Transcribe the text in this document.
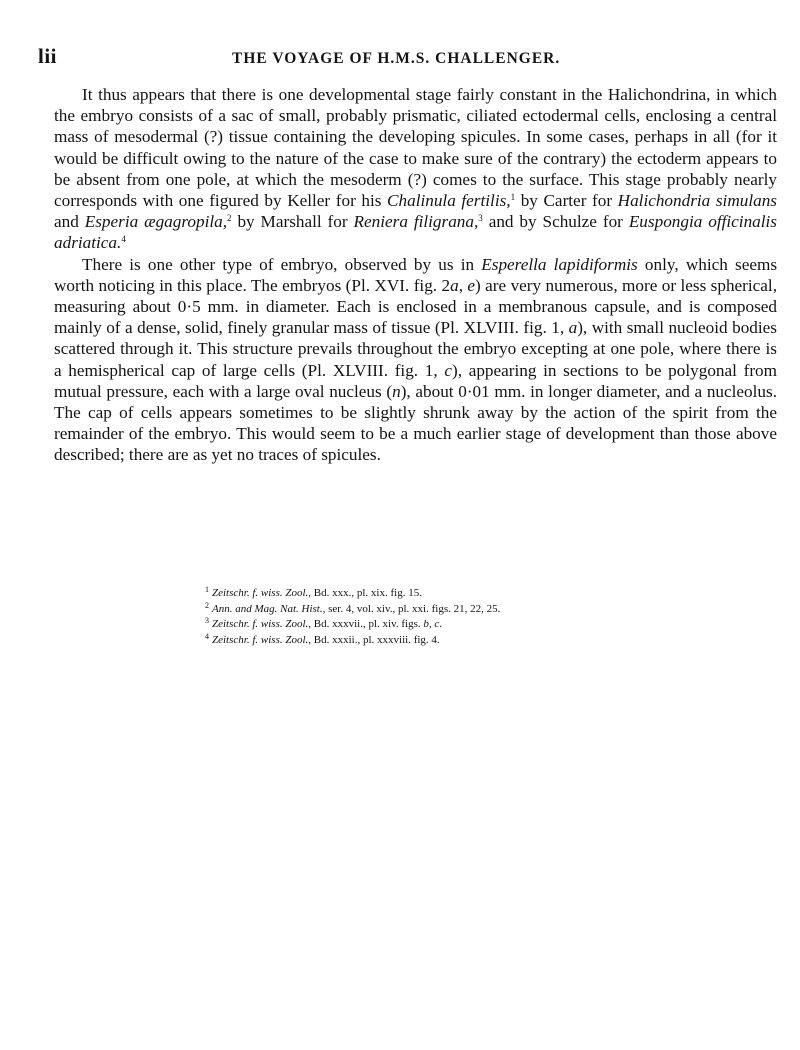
lii	THE VOYAGE OF H.M.S. CHALLENGER.

It thus appears that there is one developmental stage fairly constant in the Halichondrina, in which the embryo consists of a sac of small, probably prismatic, ciliated ectodermal cells, enclosing a central mass of mesodermal (?) tissue containing the developing spicules. In some cases, perhaps in all (for it would be difficult owing to the nature of the case to make sure of the contrary) the ectoderm appears to be absent from one pole, at which the mesoderm (?) comes to the surface. This stage probably nearly corresponds with one figured by Keller for his Chalinula fertilis,$^1$ by Carter for Halichondria simulans and Esperia ægagropila,$^2$ by Marshall for Reniera filigrana,$^3$ and by Schulze for Euspongia officinalis adriatica.$^4$

There is one other type of embryo, observed by us in Esperella lapidiformis only, which seems worth noticing in this place. The embryos (Pl. XVI. fig. 2a, e) are very numerous, more or less spherical, measuring about 0·5 mm. in diameter. Each is enclosed in a membranous capsule, and is composed mainly of a dense, solid, finely granular mass of tissue (Pl. XLVIII. fig. 1, a), with small nucleoid bodies scattered through it. This structure prevails throughout the embryo excepting at one pole, where there is a hemispherical cap of large cells (Pl. XLVIII. fig. 1, c), appearing in sections to be polygonal from mutual pressure, each with a large oval nucleus (n), about 0·01 mm. in longer diameter, and a nucleolus. The cap of cells appears sometimes to be slightly shrunk away by the action of the spirit from the remainder of the embryo. This would seem to be a much earlier stage of development than those above described; there are as yet no traces of spicules.

$^1$ Zeitschr. f. wiss. Zool., Bd. xxx., pl. xix. fig. 15.

$^2$ Ann. and Mag. Nat. Hist., ser. 4, vol. xiv., pl. xxi. figs. 21, 22, 25.

$^3$ Zeitschr. f. wiss. Zool., Bd. xxxvii., pl. xiv. figs. b, c.

$^4$ Zeitschr. f. wiss. Zool., Bd. xxxii., pl. xxxviii. fig. 4.
